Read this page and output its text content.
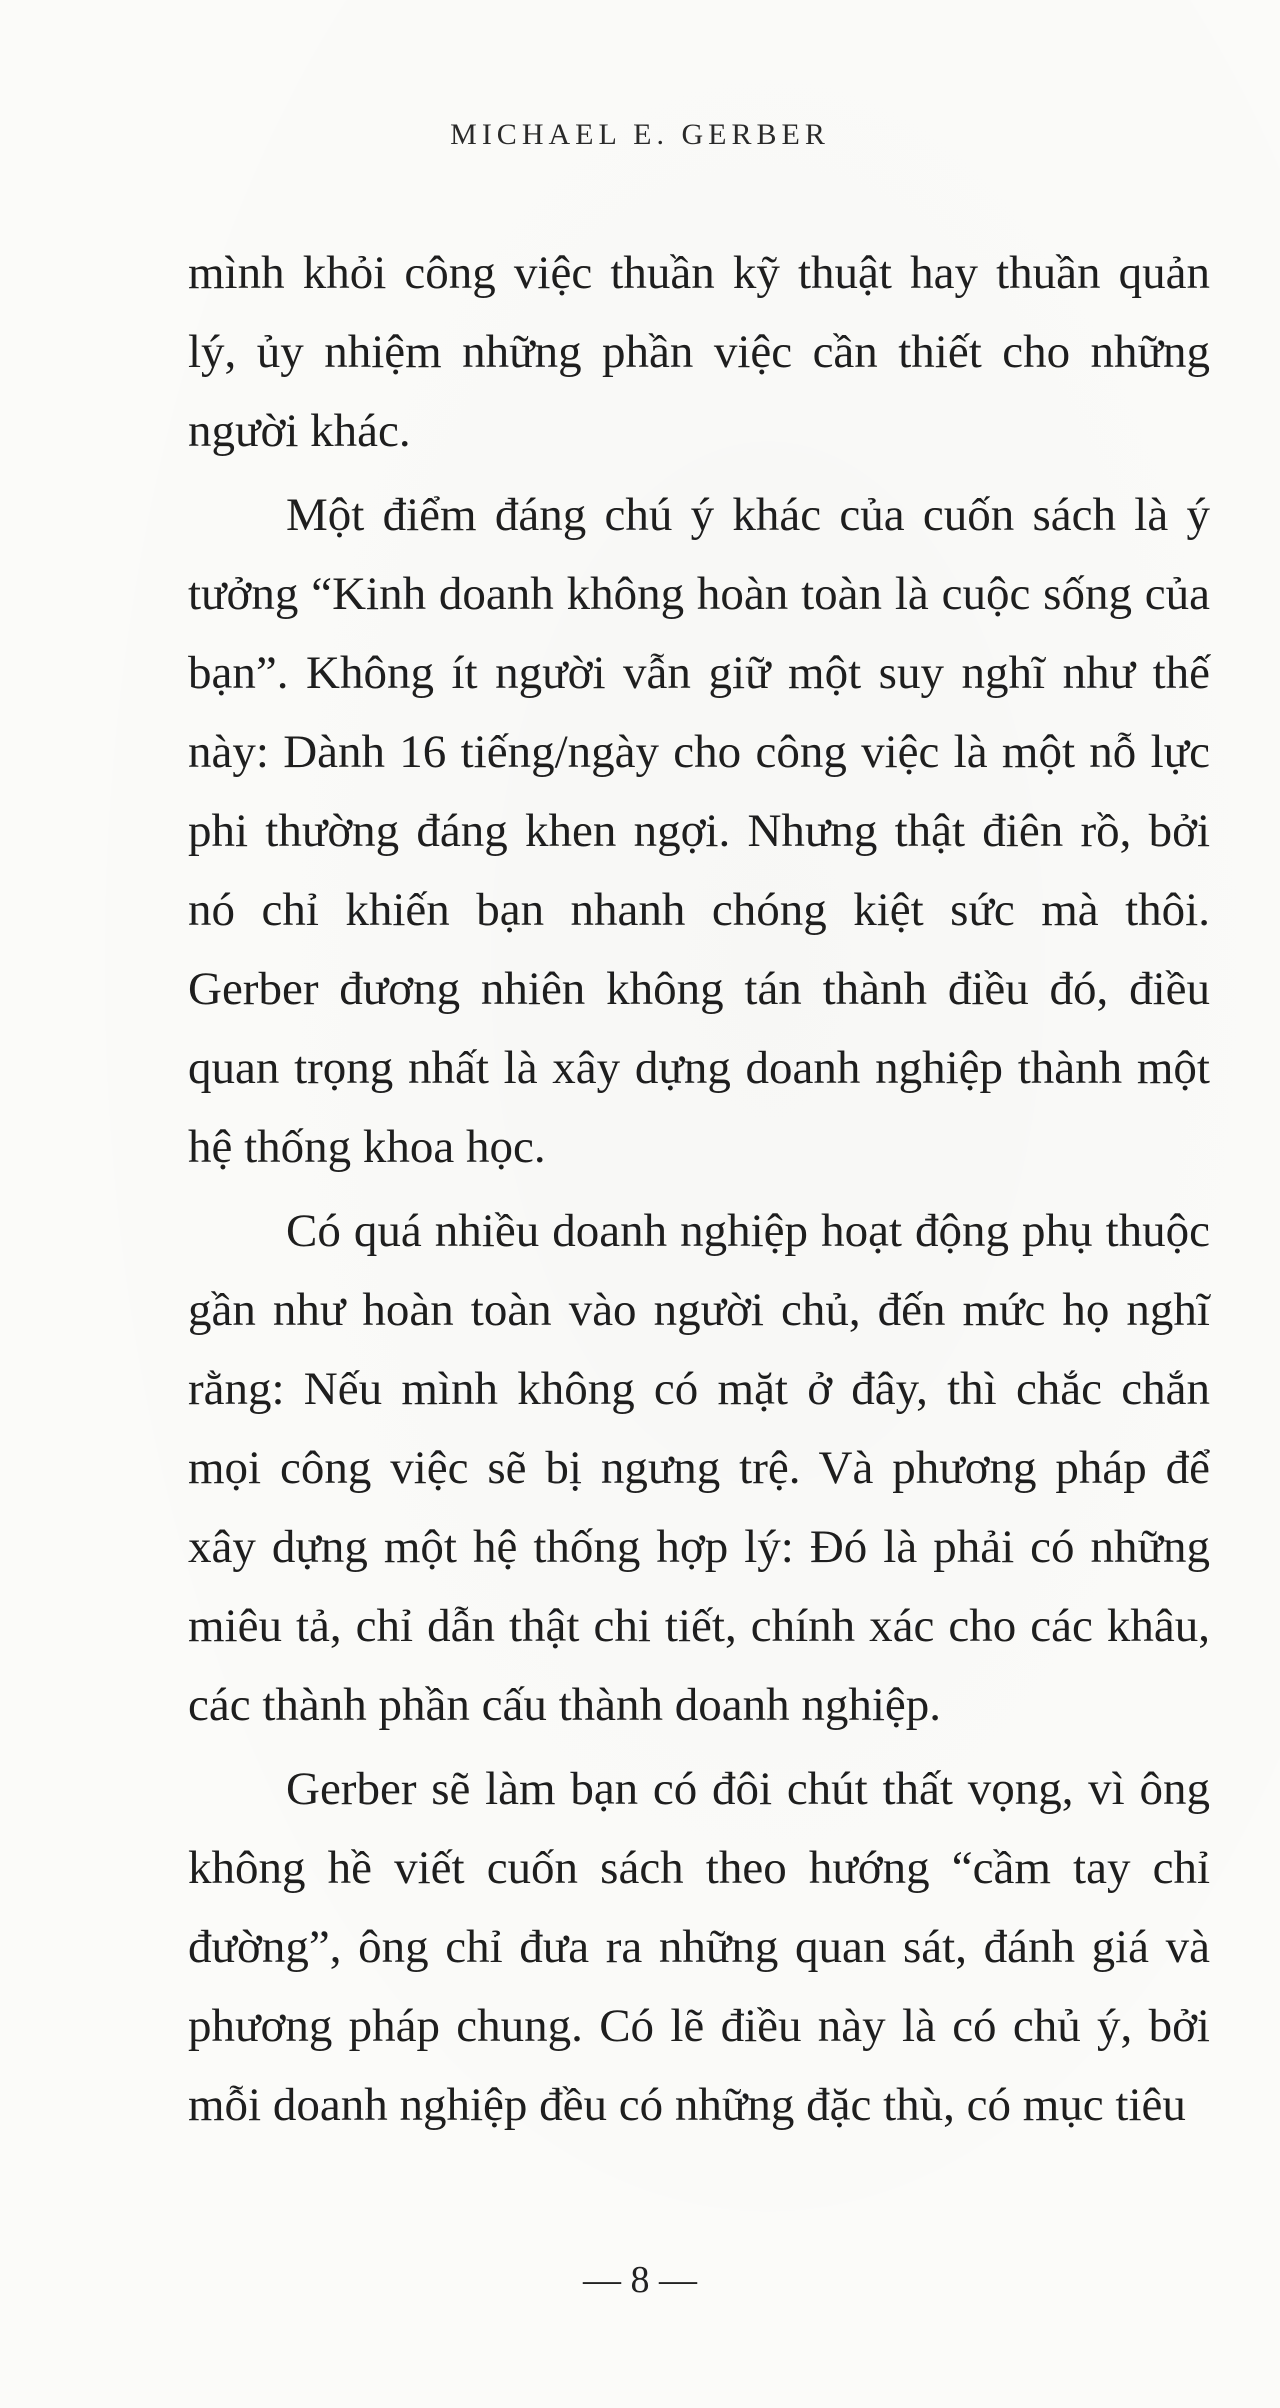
MICHAEL E. GERBER

mình khỏi công việc thuần kỹ thuật hay thuần quản lý, ủy nhiệm những phần việc cần thiết cho những người khác.

Một điểm đáng chú ý khác của cuốn sách là ý tưởng “Kinh doanh không hoàn toàn là cuộc sống của bạn”. Không ít người vẫn giữ một suy nghĩ như thế này: Dành 16 tiếng/ngày cho công việc là một nỗ lực phi thường đáng khen ngợi. Nhưng thật điên rồ, bởi nó chỉ khiến bạn nhanh chóng kiệt sức mà thôi. Gerber đương nhiên không tán thành điều đó, điều quan trọng nhất là xây dựng doanh nghiệp thành một hệ thống khoa học.

Có quá nhiều doanh nghiệp hoạt động phụ thuộc gần như hoàn toàn vào người chủ, đến mức họ nghĩ rằng: Nếu mình không có mặt ở đây, thì chắc chắn mọi công việc sẽ bị ngưng trệ. Và phương pháp để xây dựng một hệ thống hợp lý: Đó là phải có những miêu tả, chỉ dẫn thật chi tiết, chính xác cho các khâu, các thành phần cấu thành doanh nghiệp.

Gerber sẽ làm bạn có đôi chút thất vọng, vì ông không hề viết cuốn sách theo hướng “cầm tay chỉ đường”, ông chỉ đưa ra những quan sát, đánh giá và phương pháp chung. Có lẽ điều này là có chủ ý, bởi mỗi doanh nghiệp đều có những đặc thù, có mục tiêu

— 8 —
